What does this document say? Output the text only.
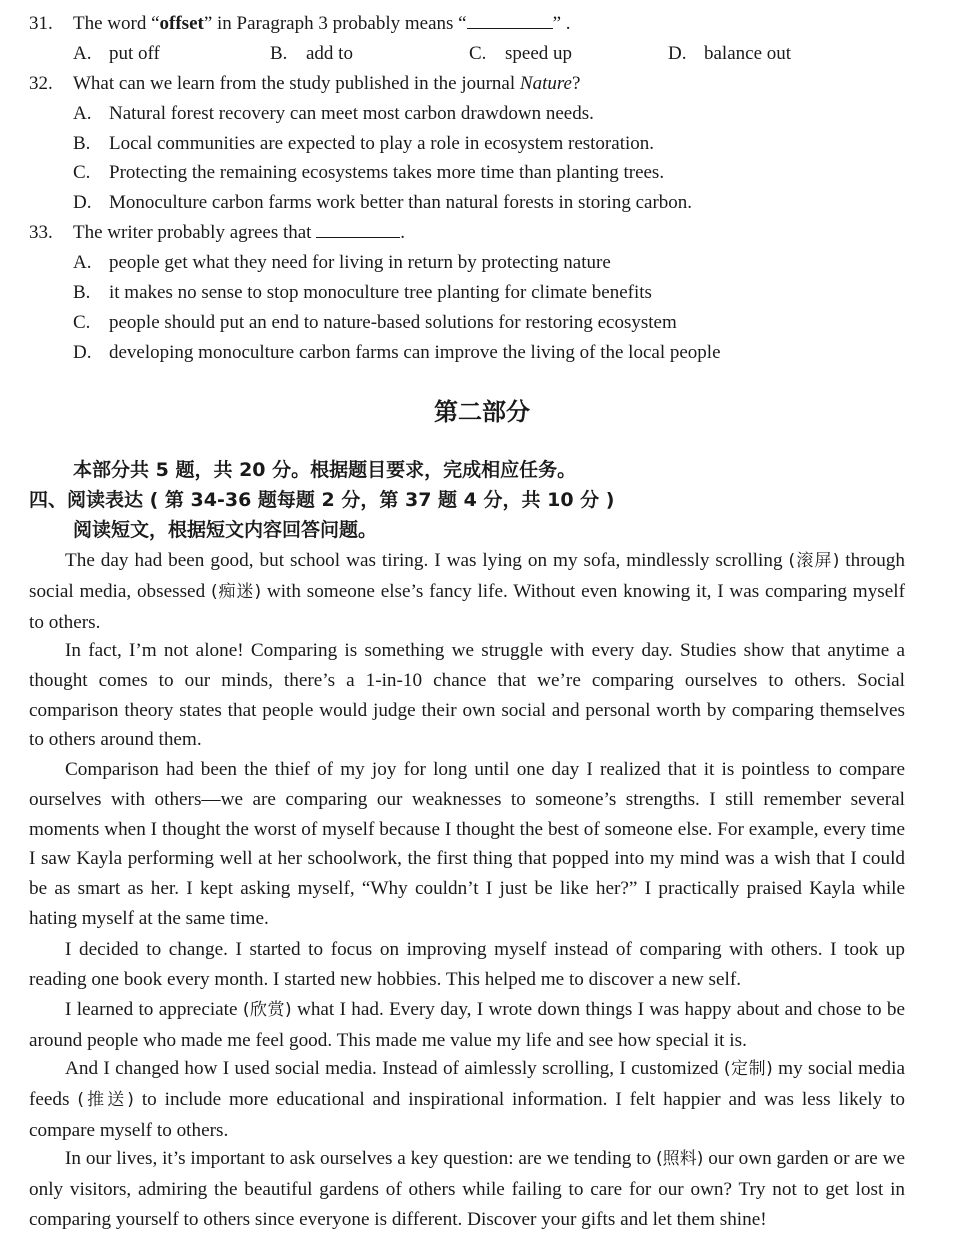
31. The word “offset” in Paragraph 3 probably means “	” .
A. put off	B. add to	C. speed up	D. balance out
32. What can we learn from the study published in the journal Nature?
A. Natural forest recovery can meet most carbon drawdown needs.
B. Local communities are expected to play a role in ecosystem restoration.
C. Protecting the remaining ecosystems takes more time than planting trees.
D. Monoculture carbon farms work better than natural forests in storing carbon.
33. The writer probably agrees that	.
A. people get what they need for living in return by protecting nature
B. it makes no sense to stop monoculture tree planting for climate benefits
C. people should put an end to nature-based solutions for restoring ecosystem
D. developing monoculture carbon farms can improve the living of the local people
第二部分
本部分共 5 题，共 20 分。根据题目要求，完成相应任务。
四、阅读表达 ( 第 34-36 题每题 2 分，第 37 题 4 分，共 10 分 )
阅读短文，根据短文内容回答问题。
The day had been good, but school was tiring. I was lying on my sofa, mindlessly scrolling (滚屏) through social media, obsessed (痴迷) with someone else’s fancy life. Without even knowing it, I was comparing myself to others.
In fact, I’m not alone! Comparing is something we struggle with every day. Studies show that anytime a thought comes to our minds, there’s a 1-in-10 chance that we’re comparing ourselves to others. Social comparison theory states that people would judge their own social and personal worth by comparing themselves to others around them.
Comparison had been the thief of my joy for long until one day I realized that it is pointless to compare ourselves with others—we are comparing our weaknesses to someone’s strengths. I still remember several moments when I thought the worst of myself because I thought the best of someone else. For example, every time I saw Kayla performing well at her schoolwork, the first thing that popped into my mind was a wish that I could be as smart as her. I kept asking myself, “Why couldn’t I just be like her?” I practically praised Kayla while hating myself at the same time.
I decided to change. I started to focus on improving myself instead of comparing with others. I took up reading one book every month. I started new hobbies. This helped me to discover a new self.
I learned to appreciate (欣赏) what I had. Every day, I wrote down things I was happy about and chose to be around people who made me feel good. This made me value my life and see how special it is.
And I changed how I used social media. Instead of aimlessly scrolling, I customized (定制) my social media feeds (推送) to include more educational and inspirational information. I felt happier and was less likely to compare myself to others.
In our lives, it’s important to ask ourselves a key question: are we tending to (照料) our own garden or are we only visitors, admiring the beautiful gardens of others while failing to care for our own? Try not to get lost in comparing yourself to others since everyone is different. Discover your gifts and let them shine!
